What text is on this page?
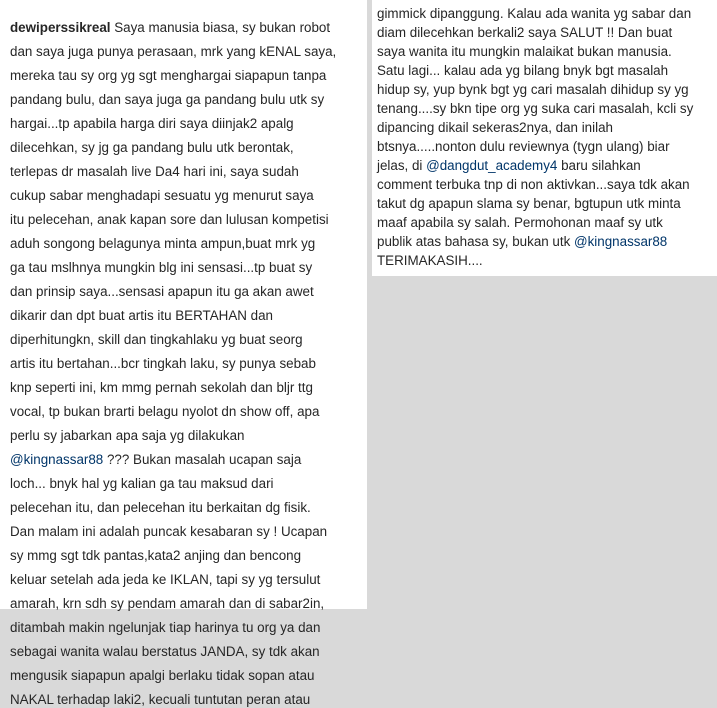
dewiperssikreal Saya manusia biasa, sy bukan robot
dan saya juga punya perasaan, mrk yang kENAL saya,
mereka tau sy org yg sgt menghargai siapapun tanpa
pandang bulu, dan saya juga ga pandang bulu utk sy
hargai...tp apabila harga diri saya diinjak2 apalg
dilecehkan, sy jg ga pandang bulu utk berontak,
terlepas dr masalah live Da4 hari ini, saya sudah
cukup sabar menghadapi sesuatu yg menurut saya
itu pelecehan, anak kapan sore dan lulusan kompetisi
aduh songong belagunya minta ampun,buat mrk yg
ga tau mslhnya mungkin blg ini sensasi...tp buat sy
dan prinsip saya...sensasi apapun itu ga akan awet
dikarir dan dpt buat artis itu BERTAHAN dan
diperhitungkn, skill dan tingkahlaku yg buat seorg
artis itu bertahan...bcr tingkah laku, sy punya sebab
knp seperti ini, km mmg pernah sekolah dan bljr ttg
vocal, tp bukan brarti belagu nyolot dn show off, apa
perlu sy jabarkan apa saja yg dilakukan
@kingnassar88 ??? Bukan masalah ucapan saja
loch... bnyk hal yg kalian ga tau maksud dari
pelecehan itu, dan pelecehan itu berkaitan dg fisik.
Dan malam ini adalah puncak kesabaran sy ! Ucapan
sy mmg sgt tdk pantas,kata2 anjing dan bencong
keluar setelah ada jeda ke IKLAN, tapi sy yg tersulut
amarah, krn sdh sy pendam amarah dan di sabar2in,
ditambah makin ngelunjak tiap harinya tu org ya dan
sebagai wanita walau berstatus JANDA, sy tdk akan
mengusik siapapun apalgi berlaku tidak sopan atau
NAKAL terhadap laki2, kecuali tuntutan peran atau
gimmick dipanggung. Kalau ada wanita yg sabar dan
diam dilecehkan berkali2 saya SALUT !! Dan buat
saya wanita itu mungkin malaikat bukan manusia.
Satu lagi... kalau ada yg bilang bnyk bgt masalah
hidup sy, yup bynk bgt yg cari masalah dihidup sy yg
tenang....sy bkn tipe org yg suka cari masalah, kcli sy
dipancing dikail sekeras2nya, dan inilah
btsnya.....nonton dulu reviewnya (tygn ulang) biar
jelas, di @dangdut_academy4 baru silahkan
comment terbuka tnp di non aktivkan...saya tdk akan
takut dg apapun slama sy benar, bgtupun utk minta
maaf apabila sy salah. Permohonan maaf sy utk
publik atas bahasa sy, bukan utk @kingnassar88
TERIMAKASIH....
